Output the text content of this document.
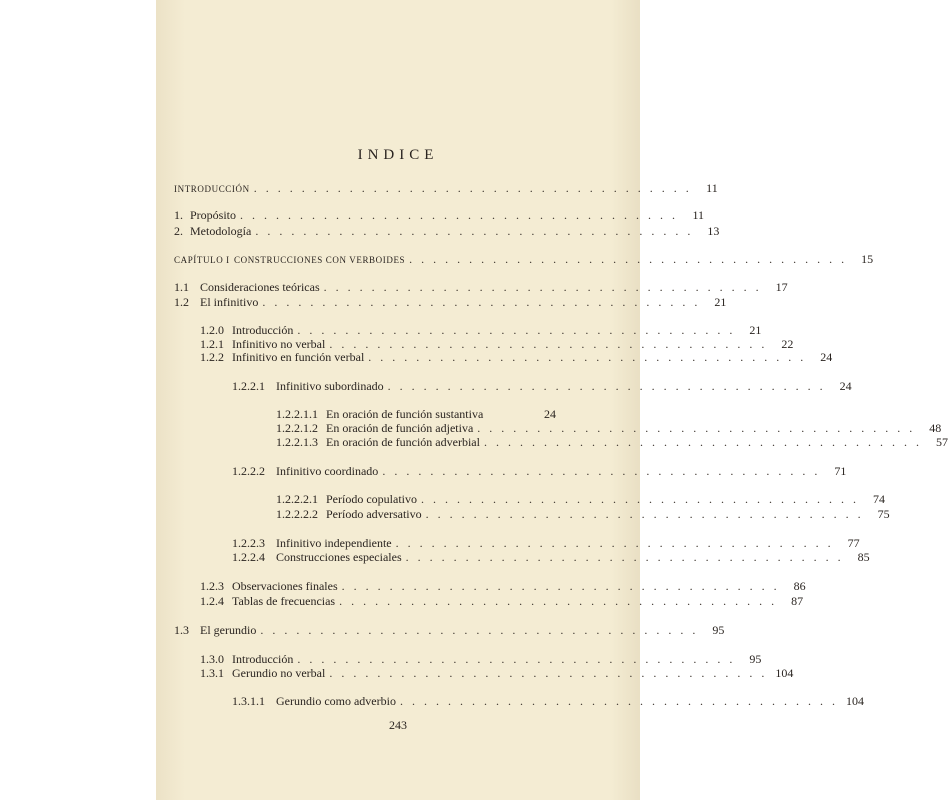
INDICE
INTRODUCCIÓN . . . . . . . . . . . . . . . . . . . . . . . . . . . . . . . . . . . . .	11
1. Propósito . . . . . . . . . . . . . . . . . . . . . . . . . . . . . . . . . . . . .	11
2. Metodología . . . . . . . . . . . . . . . . . . . . . . . . . . . . . . . . . . . . .	13
CAPÍTULO I CONSTRUCCIONES CON VERBOIDES . . . . . . . . . . . . . . . . . . . . . . . . . . . . . . . . . . . . .	15
1.1 Consideraciones teóricas . . . . . . . . . . . . . . . . . . . . . . . . . . . . . . . . . . . . .	17
1.2 El infinitivo . . . . . . . . . . . . . . . . . . . . . . . . . . . . . . . . . . . . .	21
1.2.0 Introducción . . . . . . . . . . . . . . . . . . . . . . . . . . . . . . . . . . . . .	21
1.2.1 Infinitivo no verbal . . . . . . . . . . . . . . . . . . . . . . . . . . . . . . . . . . . . .	22
1.2.2 Infinitivo en función verbal . . . . . . . . . . . . . . . . . . . . . . . . . . . . . . . . . . . . .	24
1.2.2.1 Infinitivo subordinado . . . . . . . . . . . . . . . . . . . . . . . . . . . . . . . . . . . . .	24
1.2.2.1.1 En oración de función sustantiva	24
1.2.2.1.2 En oración de función adjetiva . . . . . . . . . . . . . . . . . . . . . . . . . . . . . . . . . . . . .	48
1.2.2.1.3 En oración de función adverbial . . . . . . . . . . . . . . . . . . . . . . . . . . . . . . . . . . . . .	57
1.2.2.2 Infinitivo coordinado . . . . . . . . . . . . . . . . . . . . . . . . . . . . . . . . . . . . .	71
1.2.2.2.1 Período copulativo . . . . . . . . . . . . . . . . . . . . . . . . . . . . . . . . . . . . .	74
1.2.2.2.2 Período adversativo . . . . . . . . . . . . . . . . . . . . . . . . . . . . . . . . . . . . .	75
1.2.2.3 Infinitivo independiente . . . . . . . . . . . . . . . . . . . . . . . . . . . . . . . . . . . . .	77
1.2.2.4 Construcciones especiales . . . . . . . . . . . . . . . . . . . . . . . . . . . . . . . . . . . . .	85
1.2.3 Observaciones finales . . . . . . . . . . . . . . . . . . . . . . . . . . . . . . . . . . . . .	86
1.2.4 Tablas de frecuencias . . . . . . . . . . . . . . . . . . . . . . . . . . . . . . . . . . . . .	87
1.3 El gerundio . . . . . . . . . . . . . . . . . . . . . . . . . . . . . . . . . . . . .	95
1.3.0 Introducción . . . . . . . . . . . . . . . . . . . . . . . . . . . . . . . . . . . . .	95
1.3.1 Gerundio no verbal . . . . . . . . . . . . . . . . . . . . . . . . . . . . . . . . . . . . . 104
1.3.1.1 Gerundio como adverbio . . . . . . . . . . . . . . . . . . . . . . . . . . . . . . . . . . . . . 104
243
